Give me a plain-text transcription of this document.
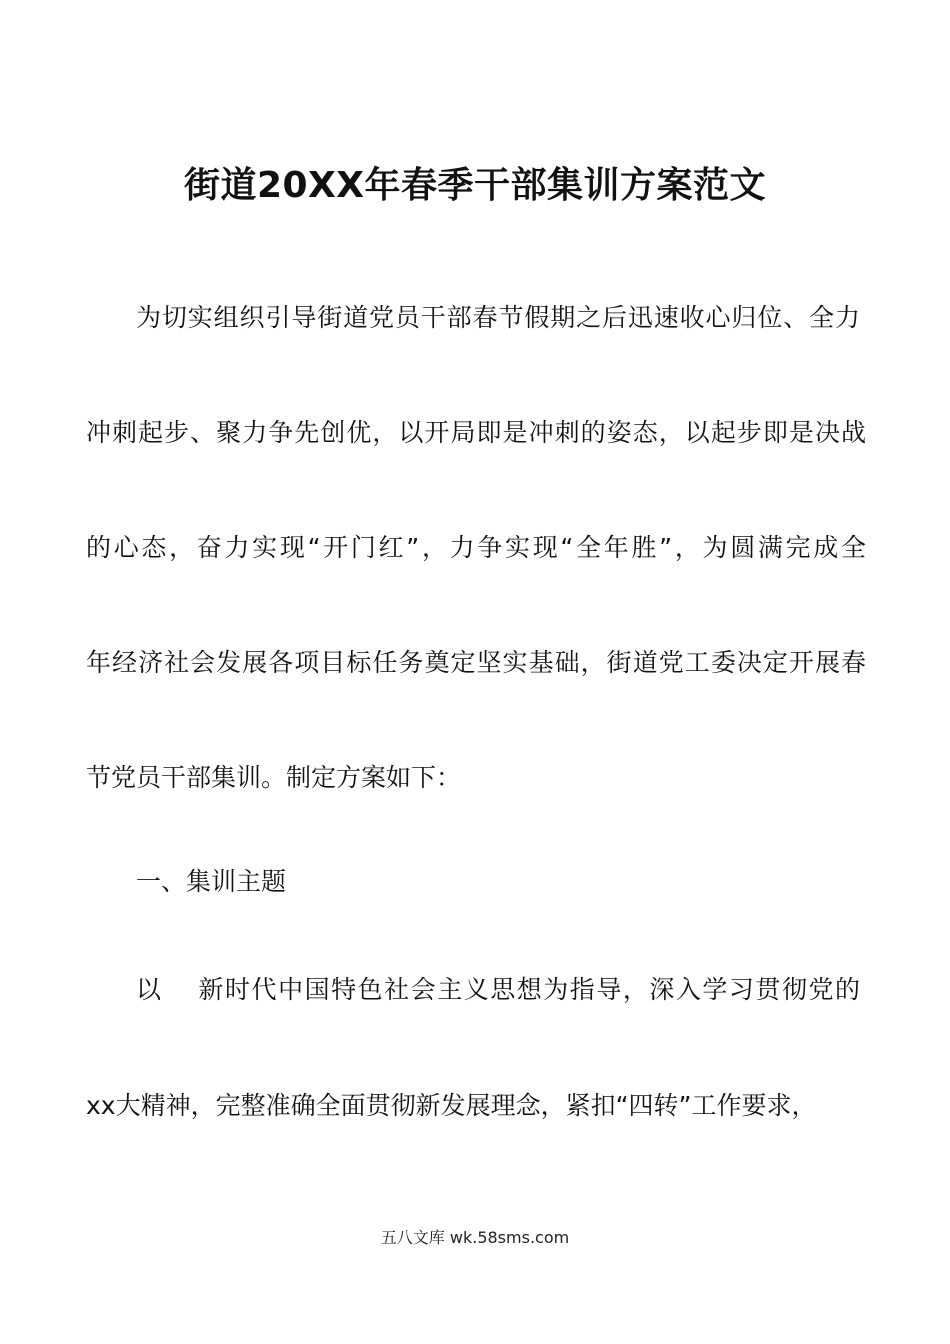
街道20XX年春季干部集训方案范文
为切实组织引导街道党员干部春节假期之后迅速收心归位、全力
冲刺起步、聚力争先创优，以开局即是冲刺的姿态，以起步即是决战
的心态，奋力实现“开门红”，力争实现“全年胜”，为圆满完成全
年经济社会发展各项目标任务奠定坚实基础，街道党工委决定开展春
节党员干部集训。制定方案如下：
一、集训主题
以　 新时代中国特色社会主义思想为指导，深入学习贯彻党的
xx大精神，完整准确全面贯彻新发展理念，紧扣“四转”工作要求，
五八文库 wk.58sms.com
